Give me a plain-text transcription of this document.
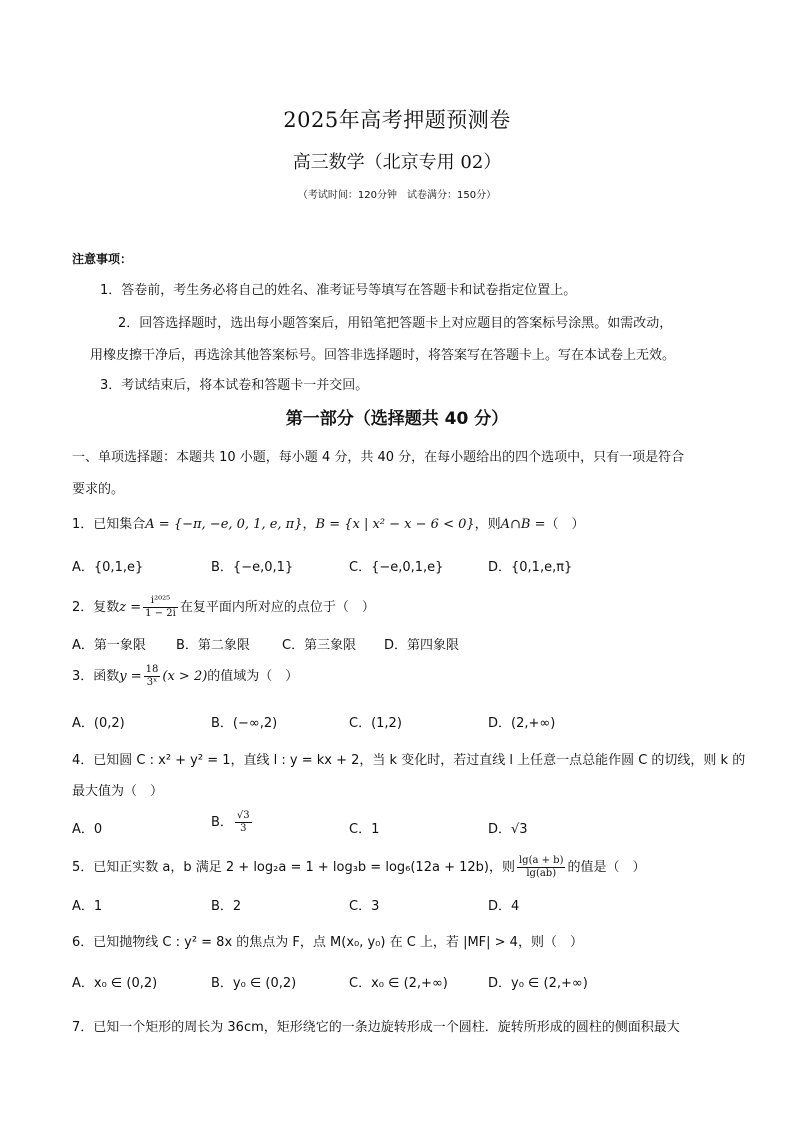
2025年高考押题预测卷
高三数学（北京专用 02）
（考试时间：120分钟　试卷满分：150分）
注意事项：
1．答卷前，考生务必将自己的姓名、准考证号等填写在答题卡和试卷指定位置上。
2．回答选择题时，选出每小题答案后，用铅笔把答题卡上对应题目的答案标号涂黑。如需改动，
用橡皮擦干净后，再选涂其他答案标号。回答非选择题时，将答案写在答题卡上。写在本试卷上无效。
3．考试结束后，将本试卷和答题卡一并交回。
第一部分（选择题共 40 分）
一、单项选择题：本题共 10 小题，每小题 4 分，共 40 分，在每小题给出的四个选项中，只有一项是符合
要求的。
1．已知集合A = {−π, −e, 0, 1, e, π}，B = {x | x² − x − 6 < 0}，则A∩B =（　）
A．{0,1,e}	B．{−e,0,1}	C．{−e,0,1,e}	D．{0,1,e,π}
2．复数$z = \frac{\text{i²⁰²⁵}}{1 - 2i}$ 在复平面内所对应的点位于（　）
A．第一象限 B．第二象限 C．第三象限 D．第四象限
3．函数$y = \frac{18}{\text{3ˣ}} (x > 2)$的值域为（　）
A．(0,2)	B．(−∞,2)	C．(1,2)	D．(2,+∞)
4．已知圆 C : x² + y² = 1，直线 l : y = kx + 2，当 k 变化时，若过直线 l 上任意一点总能作圆 C 的切线，则 k 的
最大值为（　）
A．0	B． $\frac{√3}{3}$	C．1	D．√3
5．已知正实数 a，b 满足 2 + log₂a = 1 + log₃b = log₆(12a + 12b)，则 $\frac{\lg(a + b)}{\lg(ab)}$ 的值是（　）
A．1	B．2	C．3	D．4
6．已知抛物线 C : y² = 8x 的焦点为 F，点 M(x₀, y₀) 在 C 上，若 |MF| > 4，则（　）
A．x₀ ∈ (0,2)	B．y₀ ∈ (0,2)	C．x₀ ∈ (2,+∞)	D．y₀ ∈ (2,+∞)
7．已知一个矩形的周长为 36cm，矩形绕它的一条边旋转形成一个圆柱．旋转所形成的圆柱的侧面积最大
